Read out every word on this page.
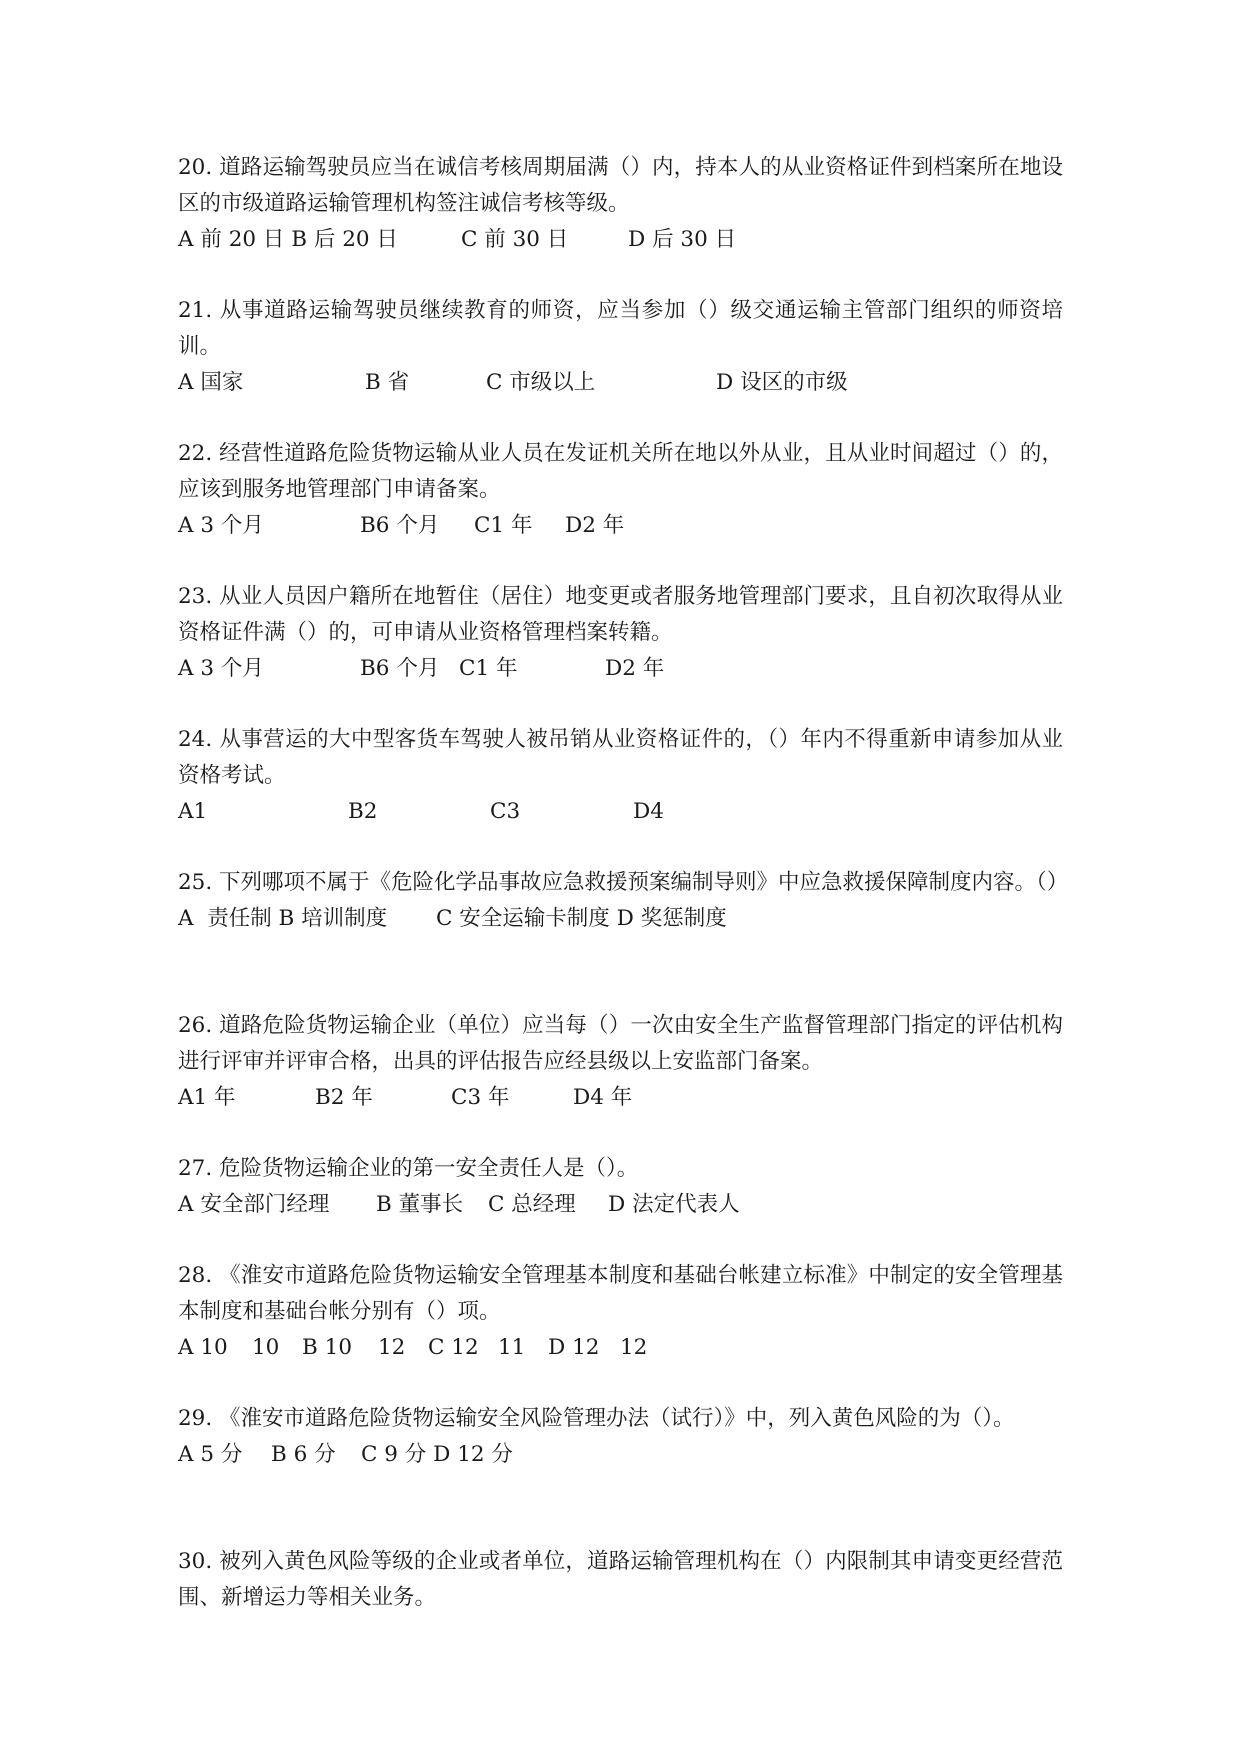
20. 道路运输驾驶员应当在诚信考核周期届满（）内，持本人的从业资格证件到档案所在地设区的市级道路运输管理机构签注诚信考核等级。

A 前 20 日 B 后 20 日	C 前 30 日	D 后 30 日

21. 从事道路运输驾驶员继续教育的师资，应当参加（）级交通运输主管部门组织的师资培训。

A 国家	B 省	C 市级以上	D 设区的市级

22. 经营性道路危险货物运输从业人员在发证机关所在地以外从业，且从业时间超过（）的，应该到服务地管理部门申请备案。

A 3 个月	B6 个月 C1 年 D2 年

23. 从业人员因户籍所在地暂住（居住）地变更或者服务地管理部门要求，且自初次取得从业资格证件满（）的，可申请从业资格管理档案转籍。

A 3 个月	B6 个月 C1 年	D2 年

24. 从事营运的大中型客货车驾驶人被吊销从业资格证件的，（）年内不得重新申请参加从业资格考试。

A1	B2	C3	D4

25. 下列哪项不属于《危险化学品事故应急救援预案编制导则》中应急救援保障制度内容。（）

A  责任制 B 培训制度 C 安全运输卡制度 D 奖惩制度

26. 道路危险货物运输企业（单位）应当每（）一次由安全生产监督管理部门指定的评估机构进行评审并评审合格，出具的评估报告应经县级以上安监部门备案。

A1 年	B2 年	C3 年	D4 年

27. 危险货物运输企业的第一安全责任人是（）。

A 安全部门经理 B 董事长 C 总经理 D 法定代表人

28. 《淮安市道路危险货物运输安全管理基本制度和基础台帐建立标准》中制定的安全管理基本制度和基础台帐分别有（）项。

A 10 10 B 10 12 C 12 11 D 12 12

29. 《淮安市道路危险货物运输安全风险管理办法（试行）》中，列入黄色风险的为（）。

A 5 分 B 6 分 C 9 分 D 12 分

30. 被列入黄色风险等级的企业或者单位，道路运输管理机构在（）内限制其申请变更经营范围、新增运力等相关业务。
